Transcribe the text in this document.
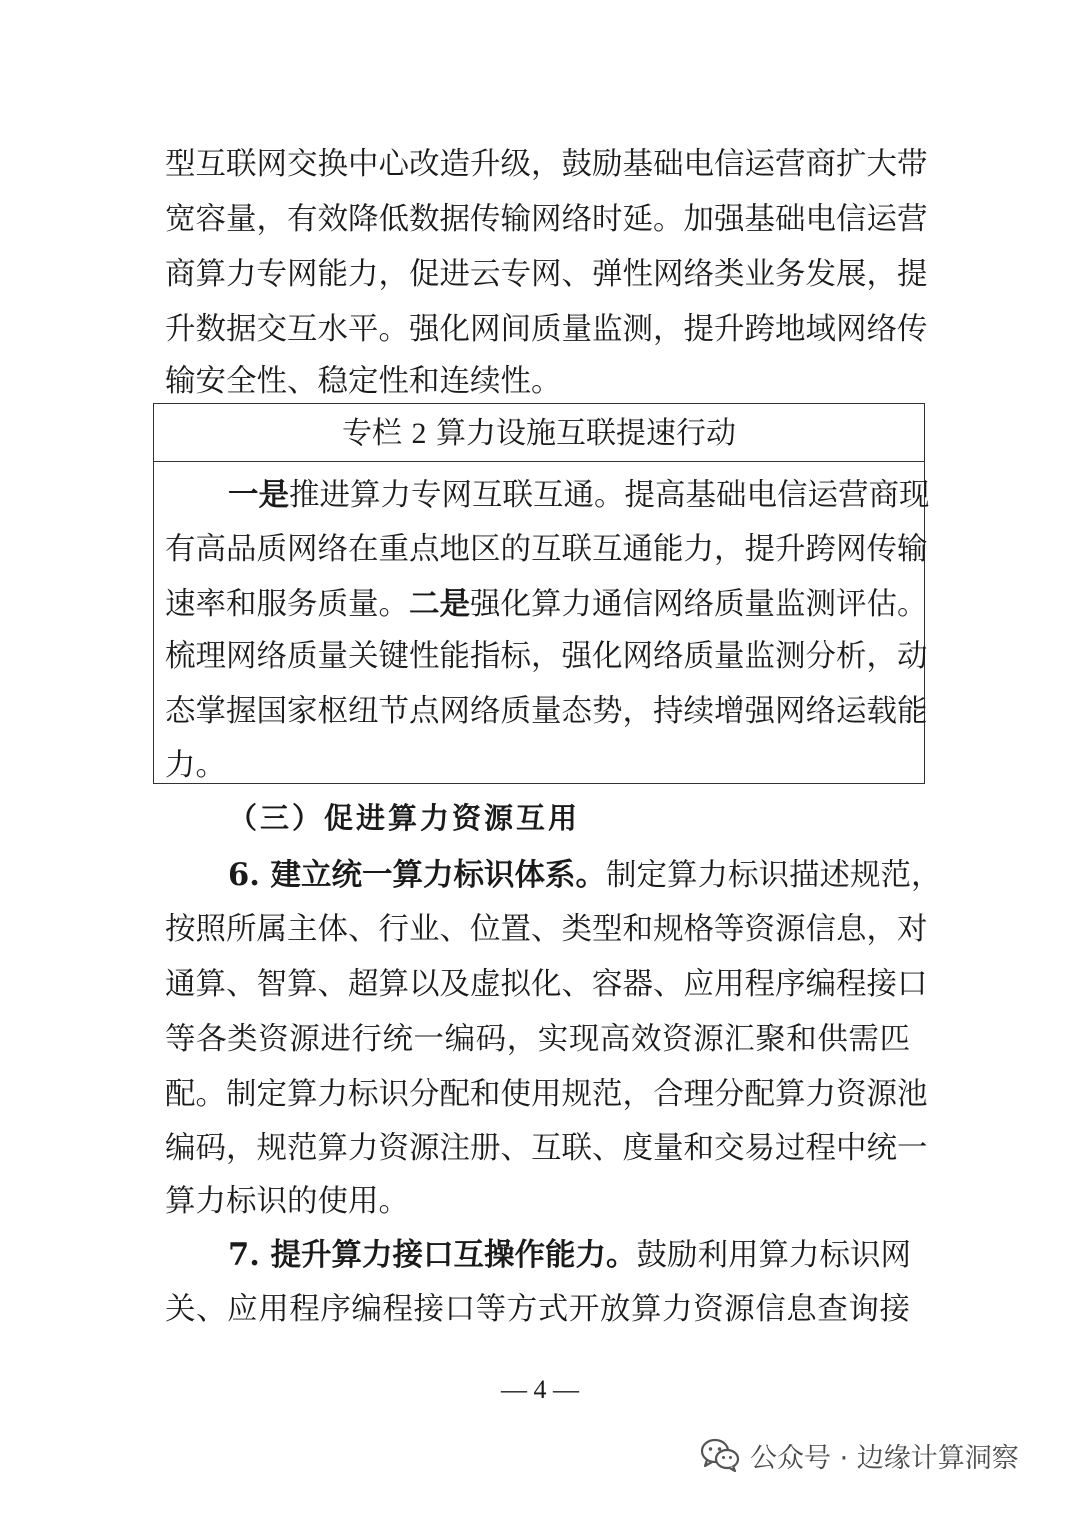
型互联网交换中心改造升级，鼓励基础电信运营商扩大带
宽容量，有效降低数据传输网络时延。加强基础电信运营
商算力专网能力，促进云专网、弹性网络类业务发展，提
升数据交互水平。强化网间质量监测，提升跨地域网络传
输安全性、稳定性和连续性。
专栏 2 算力设施互联提速行动
一是推进算力专网互联互通。提高基础电信运营商现
有高品质网络在重点地区的互联互通能力，提升跨网传输
速率和服务质量。二是强化算力通信网络质量监测评估。
梳理网络质量关键性能指标，强化网络质量监测分析，动
态掌握国家枢纽节点网络质量态势，持续增强网络运载能
力。
（三）促进算力资源互用
6. 建立统一算力标识体系。制定算力标识描述规范，
按照所属主体、行业、位置、类型和规格等资源信息，对
通算、智算、超算以及虚拟化、容器、应用程序编程接口
等各类资源进行统一编码，实现高效资源汇聚和供需匹
配。制定算力标识分配和使用规范，合理分配算力资源池
编码，规范算力资源注册、互联、度量和交易过程中统一
算力标识的使用。
7. 提升算力接口互操作能力。鼓励利用算力标识网
关、应用程序编程接口等方式开放算力资源信息查询接
— 4 —
公众号 · 边缘计算洞察
